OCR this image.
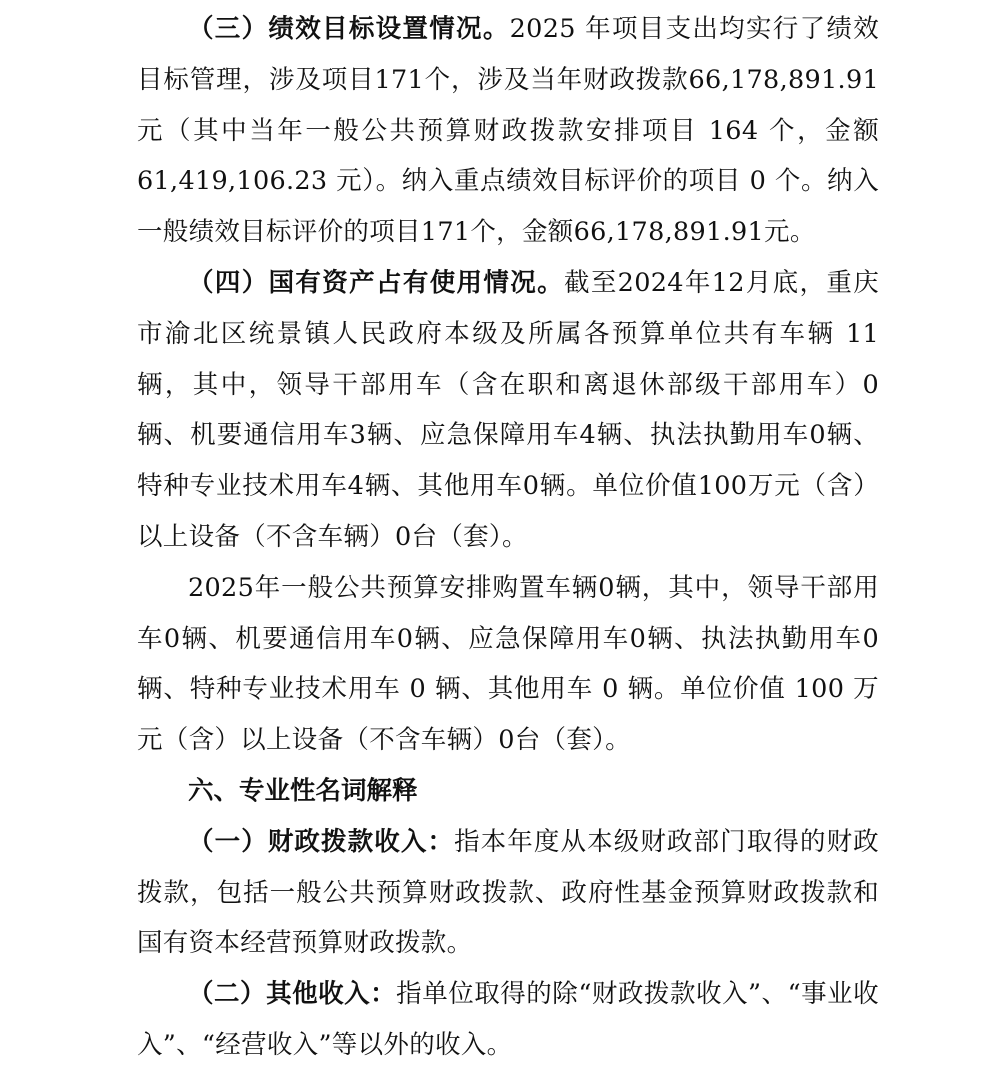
（三）绩效目标设置情况。2025 年项目支出均实行了绩效目标管理，涉及项目171个，涉及当年财政拨款66,178,891.91元（其中当年一般公共预算财政拨款安排项目 164 个，金额61,419,106.23 元）。纳入重点绩效目标评价的项目 0 个。纳入一般绩效目标评价的项目171个，金额66,178,891.91元。

（四）国有资产占有使用情况。截至2024年12月底，重庆市渝北区统景镇人民政府本级及所属各预算单位共有车辆 11 辆，其中，领导干部用车（含在职和离退休部级干部用车）0 辆、机要通信用车3辆、应急保障用车4辆、执法执勤用车0辆、特种专业技术用车4辆、其他用车0辆。单位价值100万元（含）以上设备（不含车辆）0台（套）。

2025年一般公共预算安排购置车辆0辆，其中，领导干部用车0辆、机要通信用车0辆、应急保障用车0辆、执法执勤用车0辆、特种专业技术用车 0 辆、其他用车 0 辆。单位价值 100 万元（含）以上设备（不含车辆）0台（套）。

六、专业性名词解释

（一）财政拨款收入：指本年度从本级财政部门取得的财政拨款，包括一般公共预算财政拨款、政府性基金预算财政拨款和国有资本经营预算财政拨款。

（二）其他收入：指单位取得的除“财政拨款收入”、“事业收入”、“经营收入”等以外的收入。
